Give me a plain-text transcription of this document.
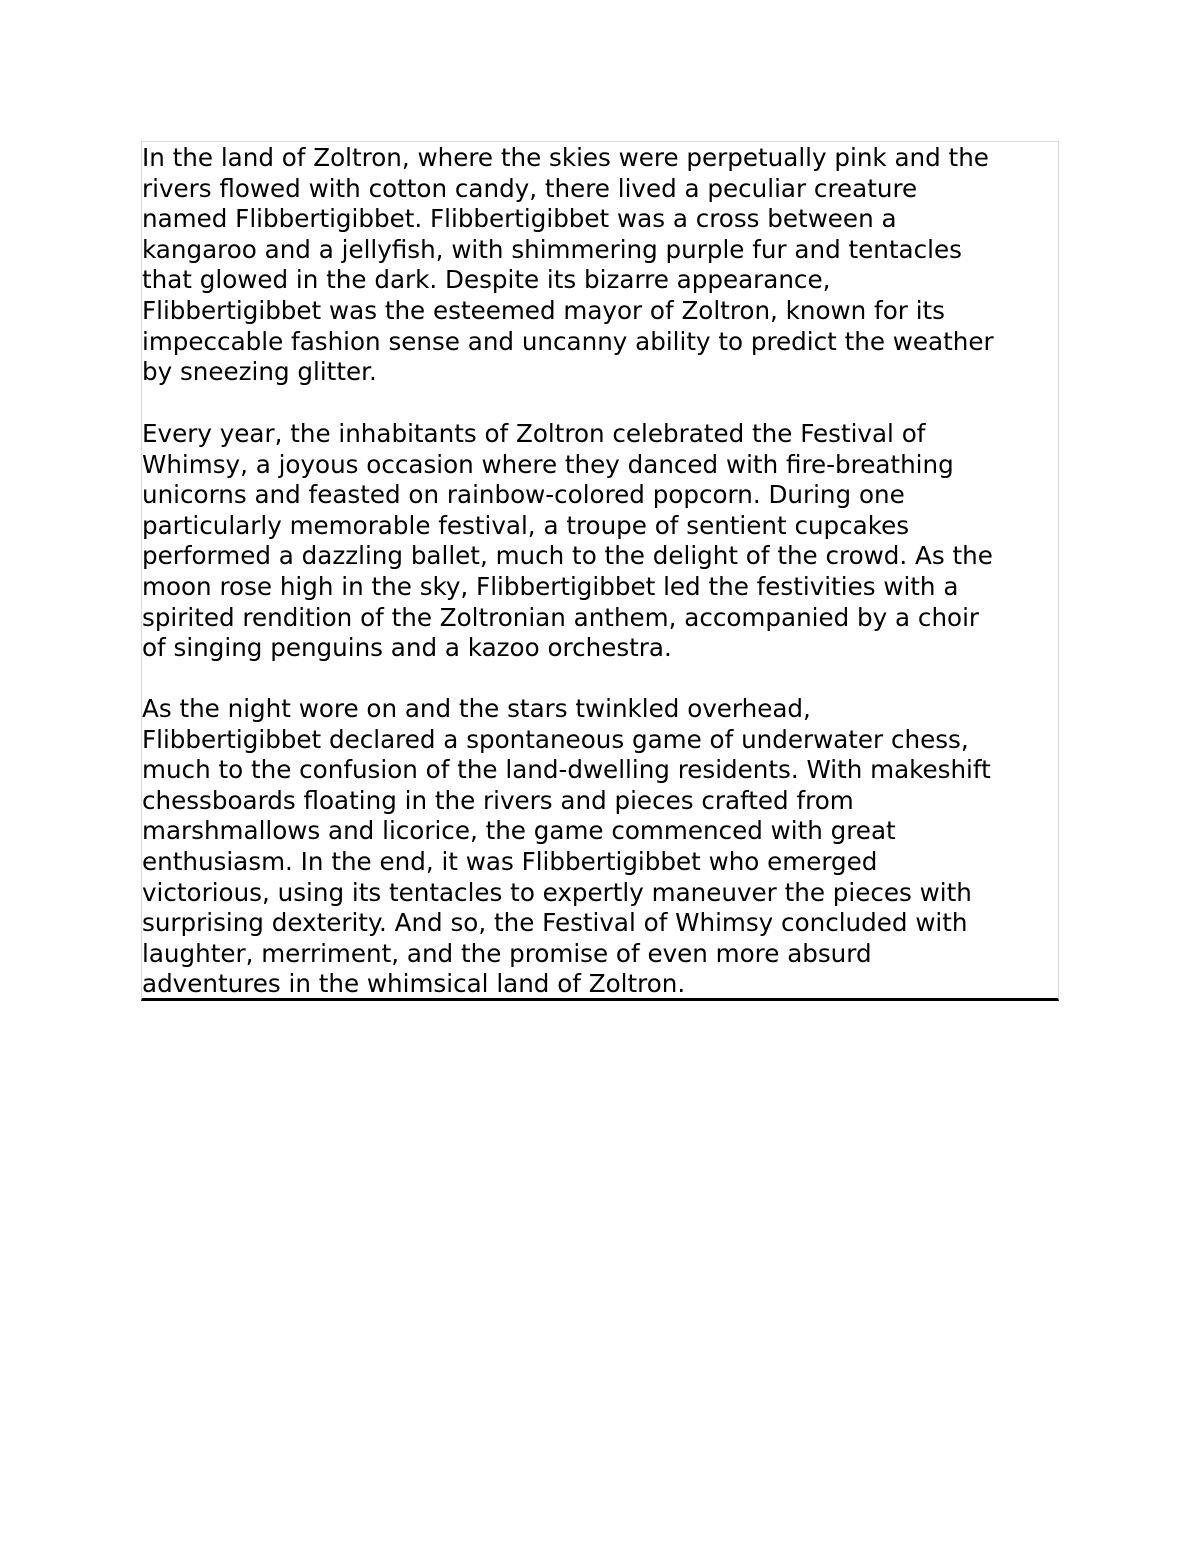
In the land of Zoltron, where the skies were perpetually pink and the
rivers flowed with cotton candy, there lived a peculiar creature
named Flibbertigibbet. Flibbertigibbet was a cross between a
kangaroo and a jellyfish, with shimmering purple fur and tentacles
that glowed in the dark. Despite its bizarre appearance,
Flibbertigibbet was the esteemed mayor of Zoltron, known for its
impeccable fashion sense and uncanny ability to predict the weather
by sneezing glitter.

Every year, the inhabitants of Zoltron celebrated the Festival of
Whimsy, a joyous occasion where they danced with fire-breathing
unicorns and feasted on rainbow-colored popcorn. During one
particularly memorable festival, a troupe of sentient cupcakes
performed a dazzling ballet, much to the delight of the crowd. As the
moon rose high in the sky, Flibbertigibbet led the festivities with a
spirited rendition of the Zoltronian anthem, accompanied by a choir
of singing penguins and a kazoo orchestra.

As the night wore on and the stars twinkled overhead,
Flibbertigibbet declared a spontaneous game of underwater chess,
much to the confusion of the land-dwelling residents. With makeshift
chessboards floating in the rivers and pieces crafted from
marshmallows and licorice, the game commenced with great
enthusiasm. In the end, it was Flibbertigibbet who emerged
victorious, using its tentacles to expertly maneuver the pieces with
surprising dexterity. And so, the Festival of Whimsy concluded with
laughter, merriment, and the promise of even more absurd
adventures in the whimsical land of Zoltron.
